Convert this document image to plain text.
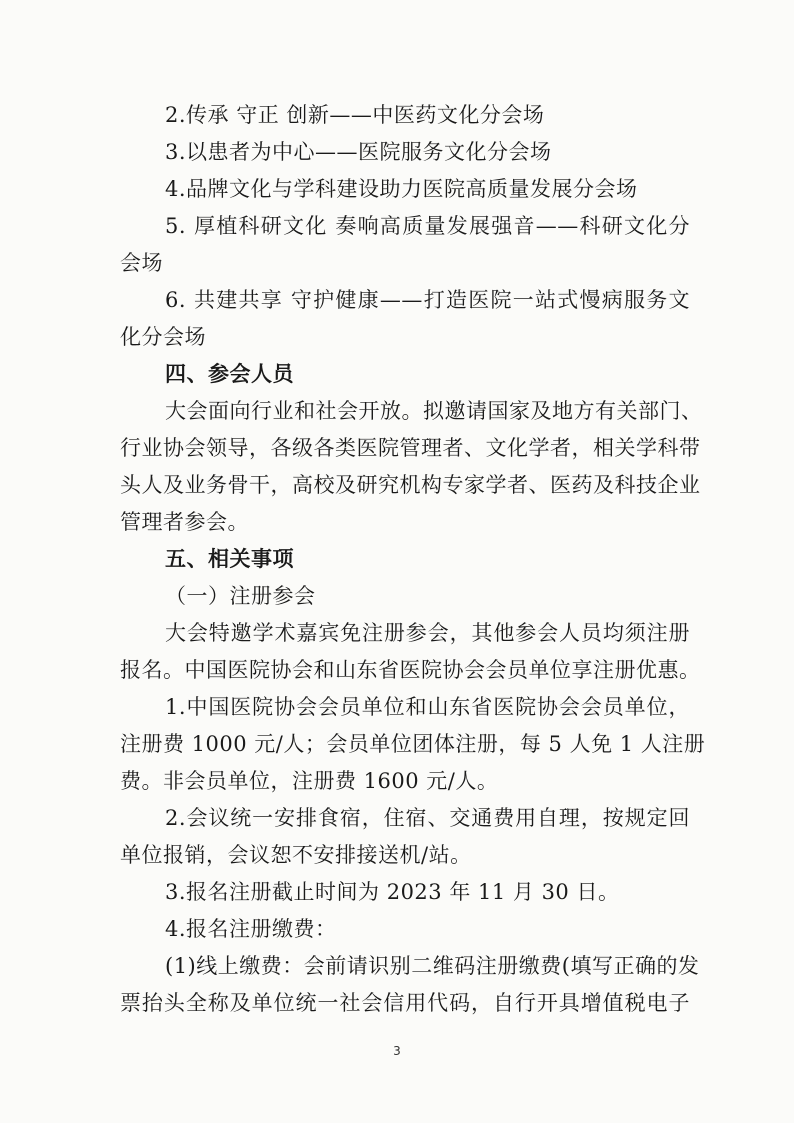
2.传承 守正 创新——中医药文化分会场
3.以患者为中心——医院服务文化分会场
4.品牌文化与学科建设助力医院高质量发展分会场
5. 厚植科研文化 奏响高质量发展强音——科研文化分
会场
6. 共建共享 守护健康——打造医院一站式慢病服务文
化分会场
四、参会人员
大会面向行业和社会开放。拟邀请国家及地方有关部门、
行业协会领导，各级各类医院管理者、文化学者，相关学科带
头人及业务骨干，高校及研究机构专家学者、医药及科技企业
管理者参会。
五、相关事项
（一）注册参会
大会特邀学术嘉宾免注册参会，其他参会人员均须注册
报名。中国医院协会和山东省医院协会会员单位享注册优惠。
1.中国医院协会会员单位和山东省医院协会会员单位，
注册费 1000 元/人；会员单位团体注册，每 5 人免 1 人注册
费。非会员单位，注册费 1600 元/人。
2.会议统一安排食宿，住宿、交通费用自理，按规定回
单位报销，会议恕不安排接送机/站。
3.报名注册截止时间为 2023 年 11 月 30 日。
4.报名注册缴费：
(1)线上缴费：会前请识别二维码注册缴费(填写正确的发
票抬头全称及单位统一社会信用代码，自行开具增值税电子
3
